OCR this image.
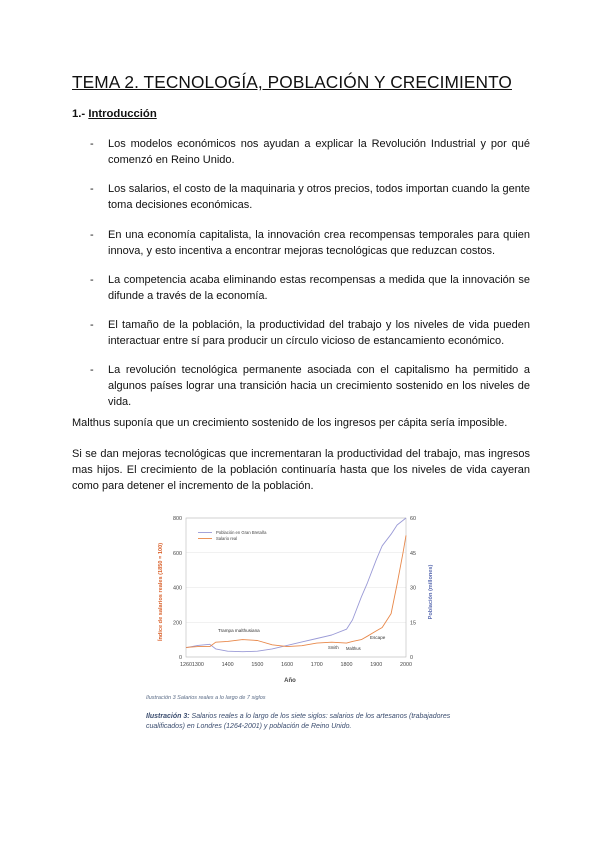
TEMA 2. TECNOLOGÍA, POBLACIÓN Y CRECIMIENTO
1.- Introducción
- Los modelos económicos nos ayudan a explicar la Revolución Industrial y por qué comenzó en Reino Unido.
- Los salarios, el costo de la maquinaria y otros precios, todos importan cuando la gente toma decisiones económicas.
- En una economía capitalista, la innovación crea recompensas temporales para quien innova, y esto incentiva a encontrar mejoras tecnológicas que reduzcan costos.
- La competencia acaba eliminando estas recompensas a medida que la innovación se difunde a través de la economía.
- El tamaño de la población, la productividad del trabajo y los niveles de vida pueden interactuar entre sí para producir un círculo vicioso de estancamiento económico.
- La revolución tecnológica permanente asociada con el capitalismo ha permitido a algunos países lograr una transición hacia un crecimiento sostenido en los niveles de vida.

Malthus suponía que un crecimiento sostenido de los ingresos per cápita sería imposible.

Si se dan mejoras tecnológicas que incrementaran la productividad del trabajo, mas ingresos mas hijos. El crecimiento de la población continuaría hasta que los niveles de vida cayeran como para detener el incremento de la población.

1260 1300	1400	1500	1600	1700	1800	1900	2000
0
200
400
600
800
0
15
30
45
60
Año
Índice de salarios reales (1850 = 100)	Población (millones)
Población en Gran Bretaña
Salario real
Trampa malthusiana
Smith Malthus
Escape
Ilustración 3 Salarios reales a lo largo de 7 siglos
Ilustración 3: Salarios reales a lo largo de los siete siglos: salarios de los artesanos (trabajadores cualificados) en Londres (1264-2001) y población de Reino Unido.
